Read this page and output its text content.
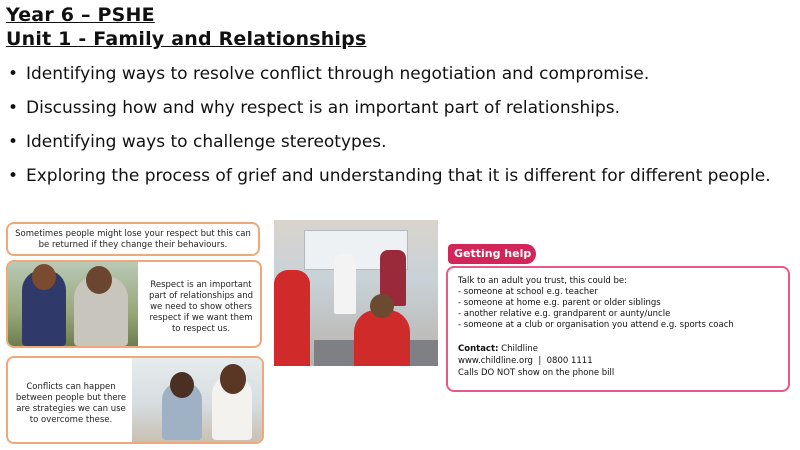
Year 6 – PSHE
Unit 1 - Family and Relationships
• Identifying ways to resolve conflict through negotiation and compromise.
• Discussing how and why respect is an important part of relationships.
• Identifying ways to challenge stereotypes.
• Exploring the process of grief and understanding that it is different for different people.
Sometimes people might lose your respect but this can be returned if they change their behaviours.
Respect is an important part of relationships and we need to show others respect if we want them to respect us.
Conflicts can happen between people but there are strategies we can use to overcome these.
Getting help
Talk to an adult you trust, this could be:
- someone at school e.g. teacher
- someone at home e.g. parent or older siblings
- another relative e.g. grandparent or aunty/uncle
- someone at a club or organisation you attend e.g. sports coach
Contact: Childline
www.childline.org | 0800 1111
Calls DO NOT show on the phone bill
